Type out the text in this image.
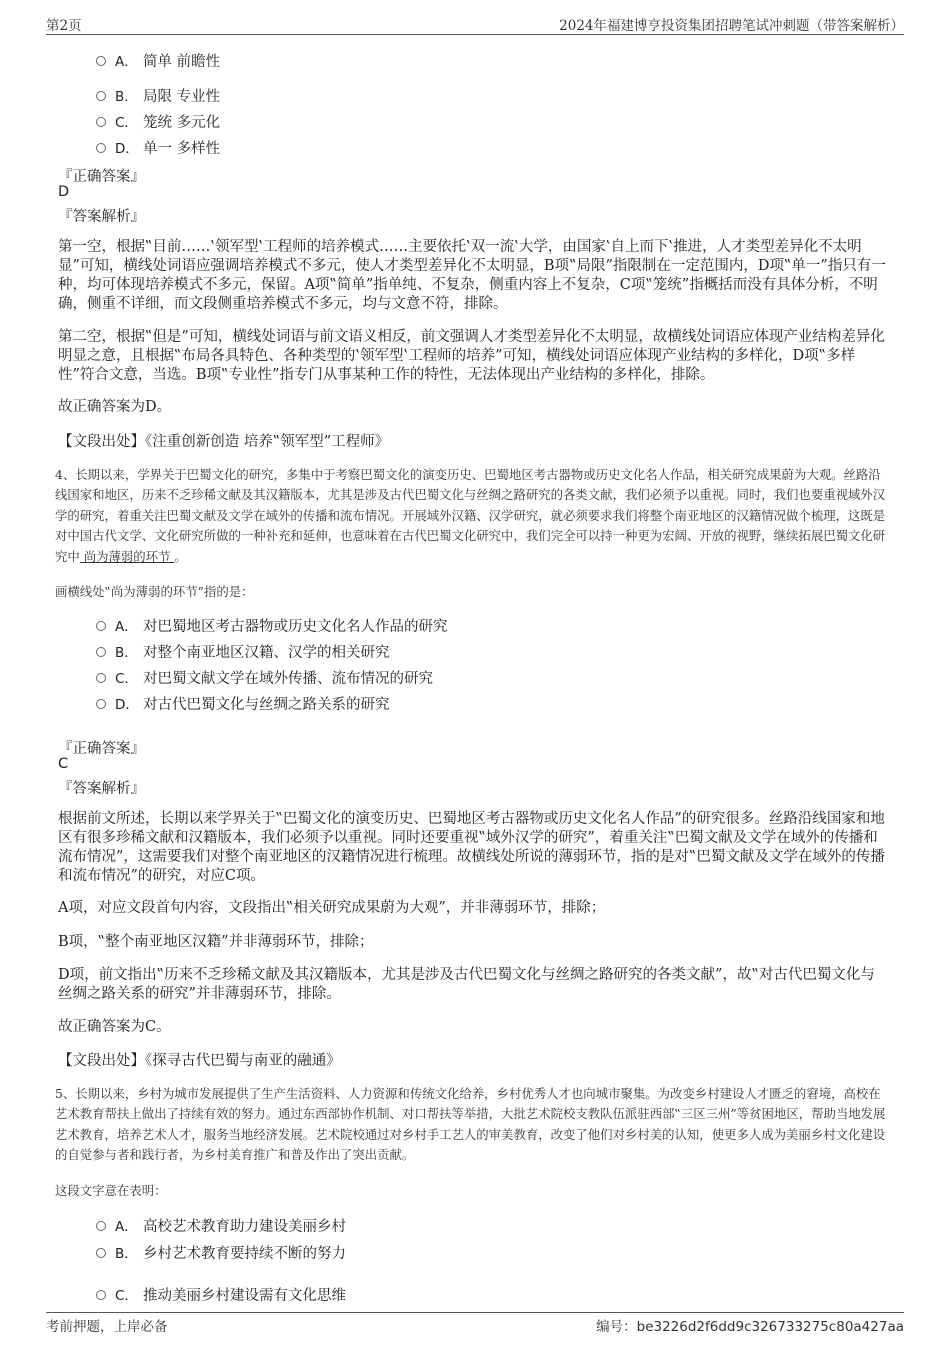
第2页	2024年福建博亨投资集团招聘笔试冲刺题（带答案解析）
A． 简单 前瞻性
B． 局限 专业性
C． 笼统 多元化
D． 单一 多样性
『正确答案』
D
『答案解析』
第一空，根据‟目前……‛领军型‛工程师的培养模式……主要依托‛双一流‛大学，由国家‛自上而下‛推进，人才类型差异化不太明显”可知，横线处词语应强调培养模式不多元，使人才类型差异化不太明显，B项‟局限”指限制在一定范围内，D项‟单一”指只有一种，均可体现培养模式不多元，保留。A项‟简单”指单纯、不复杂，侧重内容上不复杂，C项‟笼统”指概括而没有具体分析，不明确，侧重不详细，而文段侧重培养模式不多元，均与文意不符，排除。
第二空，根据‟但是”可知，横线处词语与前文语义相反，前文强调人才类型差异化不太明显，故横线处词语应体现产业结构差异化明显之意，且根据‟布局各具特色、各种类型的‛领军型‛工程师的培养”可知，横线处词语应体现产业结构的多样化，D项‟多样性”符合文意，当选。B项‟专业性”指专门从事某种工作的特性，无法体现出产业结构的多样化，排除。
故正确答案为D。
【文段出处】《注重创新创造 培养‟领军型”工程师》
4、长期以来，学界关于巴蜀文化的研究，多集中于考察巴蜀文化的演变历史、巴蜀地区考古器物或历史文化名人作品，相关研究成果蔚为大观。丝路沿线国家和地区，历来不乏珍稀文献及其汉籍版本，尤其是涉及古代巴蜀文化与丝绸之路研究的各类文献，我们必须予以重视。同时，我们也要重视域外汉学的研究，着重关注巴蜀文献及文学在域外的传播和流布情况。开展域外汉籍、汉学研究，就必须要求我们将整个南亚地区的汉籍情况做个梳理，这既是对中国古代文学、文化研究所做的一种补充和延伸，也意味着在古代巴蜀文化研究中，我们完全可以持一种更为宏阔、开放的视野，继续拓展巴蜀文化研究中 尚为薄弱的环节 。
画横线处‟尚为薄弱的环节”指的是：
A． 对巴蜀地区考古器物或历史文化名人作品的研究
B． 对整个南亚地区汉籍、汉学的相关研究
C． 对巴蜀文献文学在域外传播、流布情况的研究
D． 对古代巴蜀文化与丝绸之路关系的研究
『正确答案』
C
『答案解析』
根据前文所述，长期以来学界关于‟巴蜀文化的演变历史、巴蜀地区考古器物或历史文化名人作品”的研究很多。丝路沿线国家和地区有很多珍稀文献和汉籍版本，我们必须予以重视。同时还要重视‟域外汉学的研究”，着重关注‟巴蜀文献及文学在域外的传播和流布情况”，这需要我们对整个南亚地区的汉籍情况进行梳理。故横线处所说的薄弱环节，指的是对‟巴蜀文献及文学在域外的传播和流布情况”的研究，对应C项。
A项，对应文段首句内容，文段指出‟相关研究成果蔚为大观”，并非薄弱环节，排除；
B项，‟整个南亚地区汉籍”并非薄弱环节，排除；
D项，前文指出‟历来不乏珍稀文献及其汉籍版本，尤其是涉及古代巴蜀文化与丝绸之路研究的各类文献”，故‟对古代巴蜀文化与丝绸之路关系的研究”并非薄弱环节，排除。
故正确答案为C。
【文段出处】《探寻古代巴蜀与南亚的融通》
5、长期以来，乡村为城市发展提供了生产生活资料、人力资源和传统文化给养，乡村优秀人才也向城市聚集。为改变乡村建设人才匮乏的窘境，高校在艺术教育帮扶上做出了持续有效的努力。通过东西部协作机制、对口帮扶等举措，大批艺术院校支教队伍派驻西部‟三区三州”等贫困地区，帮助当地发展艺术教育，培养艺术人才，服务当地经济发展。艺术院校通过对乡村手工艺人的审美教育，改变了他们对乡村美的认知，使更多人成为美丽乡村文化建设的自觉参与者和践行者，为乡村美育推广和普及作出了突出贡献。
这段文字意在表明：
A． 高校艺术教育助力建设美丽乡村
B． 乡村艺术教育要持续不断的努力
C． 推动美丽乡村建设需有文化思维
考前押题，上岸必备	编号：be3226d2f6dd9c326733275c80a427aa
